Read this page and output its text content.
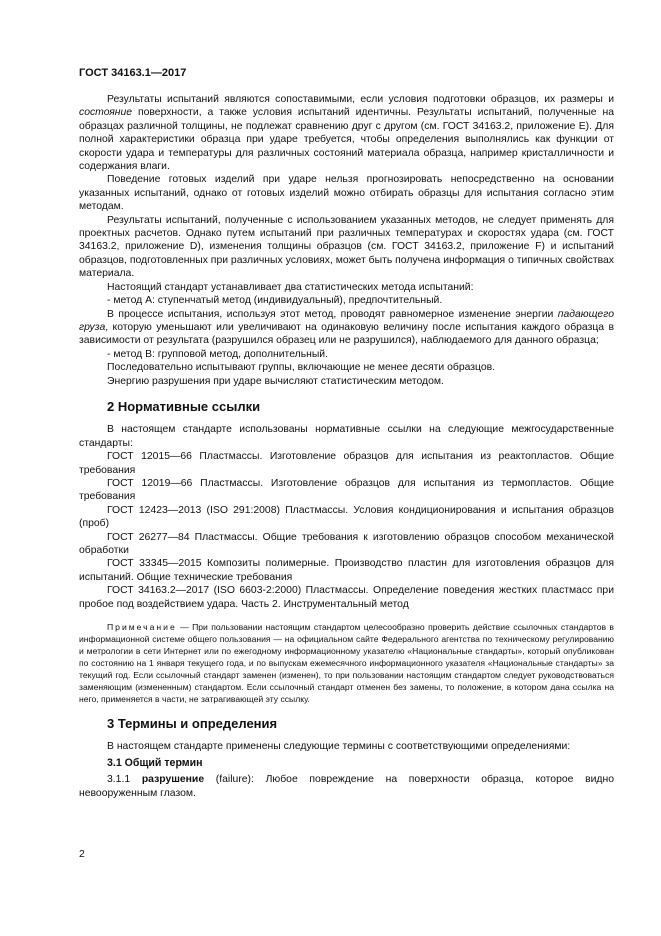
ГОСТ 34163.1—2017

Результаты испытаний являются сопоставимыми, если условия подготовки образцов, их размеры и состояние поверхности, а также условия испытаний идентичны. Результаты испытаний, полученные на образцах различной толщины, не подлежат сравнению друг с другом (см. ГОСТ 34163.2, приложение E). Для полной характеристики образца при ударе требуется, чтобы определения выполнялись как функции от скорости удара и температуры для различных состояний материала образца, например кристалличности и содержания влаги.

Поведение готовых изделий при ударе нельзя прогнозировать непосредственно на основании указанных испытаний, однако от готовых изделий можно отбирать образцы для испытания согласно этим методам.

Результаты испытаний, полученные с использованием указанных методов, не следует применять для проектных расчетов. Однако путем испытаний при различных температурах и скоростях удара (см. ГОСТ 34163.2, приложение D), изменения толщины образцов (см. ГОСТ 34163.2, приложение F) и испытаний образцов, подготовленных при различных условиях, может быть получена информация о типичных свойствах материала.

Настоящий стандарт устанавливает два статистических метода испытаний:

- метод A: ступенчатый метод (индивидуальный), предпочтительный.

В процессе испытания, используя этот метод, проводят равномерное изменение энергии падающего груза, которую уменьшают или увеличивают на одинаковую величину после испытания каждого образца в зависимости от результата (разрушился образец или не разрушился), наблюдаемого для данного образца;

- метод B: групповой метод, дополнительный.

Последовательно испытывают группы, включающие не менее десяти образцов.

Энергию разрушения при ударе вычисляют статистическим методом.

2 Нормативные ссылки

В настоящем стандарте использованы нормативные ссылки на следующие межгосударственные стандарты:

ГОСТ 12015—66 Пластмассы. Изготовление образцов для испытания из реактопластов. Общие требования

ГОСТ 12019—66 Пластмассы. Изготовление образцов для испытания из термопластов. Общие требования

ГОСТ 12423—2013 (ISO 291:2008) Пластмассы. Условия кондиционирования и испытания образцов (проб)

ГОСТ 26277—84 Пластмассы. Общие требования к изготовлению образцов способом механической обработки

ГОСТ 33345—2015 Композиты полимерные. Производство пластин для изготовления образцов для испытаний. Общие технические требования

ГОСТ 34163.2—2017 (ISO 6603-2:2000) Пластмассы. Определение поведения жестких пластмасс при пробое под воздействием удара. Часть 2. Инструментальный метод

Примечание — При пользовании настоящим стандартом целесообразно проверить действие ссылочных стандартов в информационной системе общего пользования — на официальном сайте Федерального агентства по техническому регулированию и метрологии в сети Интернет или по ежегодному информационному указателю «Национальные стандарты», который опубликован по состоянию на 1 января текущего года, и по выпускам ежемесячного информационного указателя «Национальные стандарты» за текущий год. Если ссылочный стандарт заменен (изменен), то при пользовании настоящим стандартом следует руководствоваться заменяющим (измененным) стандартом. Если ссылочный стандарт отменен без замены, то положение, в котором дана ссылка на него, применяется в части, не затрагивающей эту ссылку.
3 Термины и определения

В настоящем стандарте применены следующие термины с соответствующими определениями:

3.1 Общий термин

3.1.1 разрушение (failure): Любое повреждение на поверхности образца, которое видно невооруженным глазом.

2
